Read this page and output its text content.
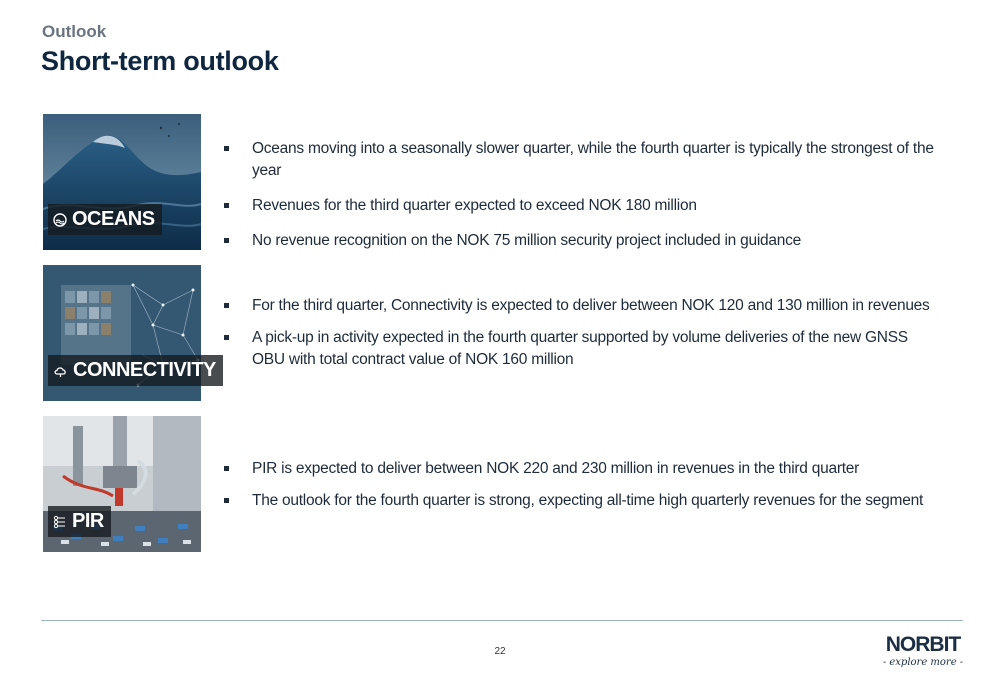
Outlook
Short-term outlook
OCEANS
Oceans moving into a seasonally slower quarter, while the fourth quarter is typically the strongest of the year
Revenues for the third quarter expected to exceed NOK 180 million
No revenue recognition on the NOK 75 million security project included in guidance
CONNECTIVITY
For the third quarter, Connectivity is expected to deliver between NOK 120 and 130 million in revenues
A pick-up in activity expected in the fourth quarter supported by volume deliveries of the new GNSS OBU with total contract value of NOK 160 million
PIR
PIR is expected to deliver between NOK 220 and 230 million in revenues in the third quarter
The outlook for the fourth quarter is strong, expecting all-time high quarterly revenues for the segment
22	NORBIT
- explore more -
